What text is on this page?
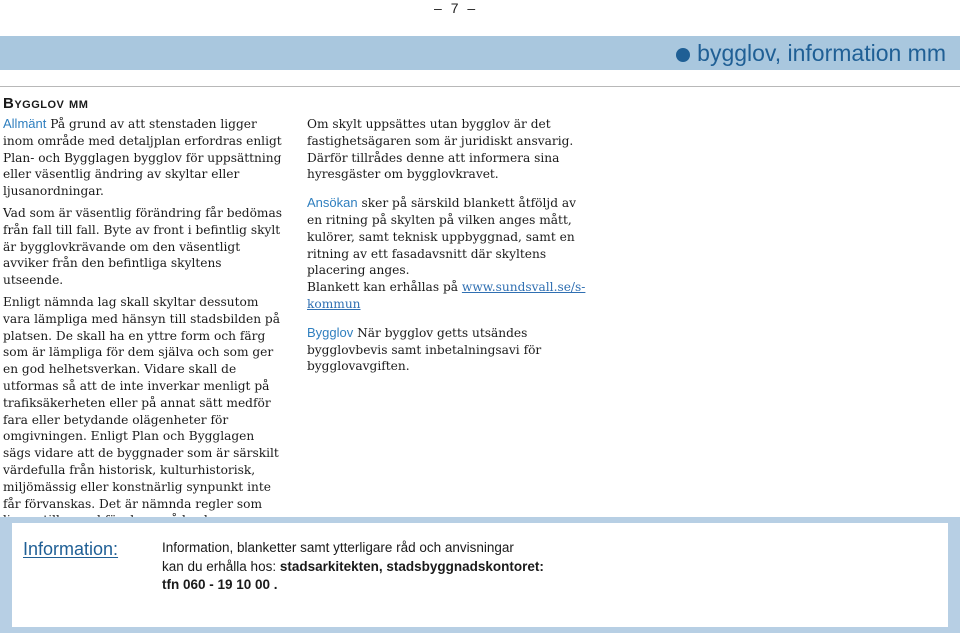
– 7 –
bygglov, information mm
Bygglov mm

Allmänt På grund av att stenstaden ligger inom område med detaljplan erfordras enligt Plan- och Bygglagen bygglov för uppsättning eller väsentlig ändring av skyltar eller ljusanordningar.

Vad som är väsentlig förändring får bedömas från fall till fall. Byte av front i befintlig skylt är bygglovkrävande om den väsentligt avviker från den befintliga skyltens utseende.

Enligt nämnda lag skall skyltar dessutom vara lämpliga med hänsyn till stadsbilden på platsen. De skall ha en yttre form och färg som är lämpliga för dem själva och som ger en god helhetsverkan. Vidare skall de utformas så att de inte inverkar menligt på trafiksäkerheten eller på annat sätt medför fara eller betydande olägenheter för omgivningen. Enligt Plan och Bygglagen sägs vidare att de byggnader som är särskilt värdefulla från historisk, kulturhistorisk, miljömässig eller konstnärlig synpunkt inte får förvanskas. Det är nämnda regler som

Om skylt uppsättes utan bygglov är det fastighetsägaren som är juridiskt ansvarig. Därför tillrådes denne att informera sina hyresgäster om bygglovkravet.

Ansökan sker på särskild blankett åtföljd av en ritning på skylten på vilken anges mått, kulörer, samt teknisk uppbyggnad, samt en ritning av ett fasadavsnitt där skyltens placering anges.
Blankett kan erhållas på www.sundsvall.se/s-kommun

Bygglov När bygglov getts utsändes bygglovbevis samt inbetalningsavi för bygglovavgiften.

Information:	Information, blanketter samt ytterligare råd och anvisningar
kan du erhålla hos: stadsarkitekten, stadsbyggnadskontoret:
tfn 060 - 19 10 00 .
